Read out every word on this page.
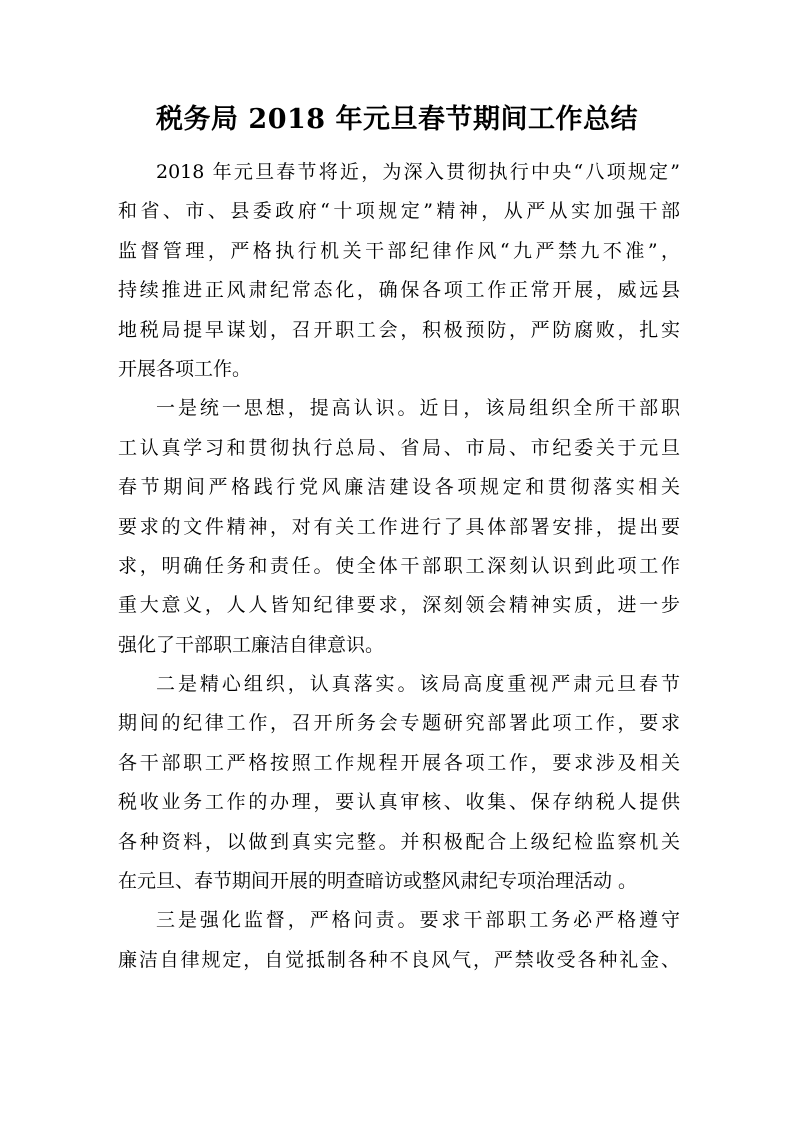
税务局 2018 年元旦春节期间工作总结
2018 年元旦春节将近，为深入贯彻执行中央“八项规定”
和省、市、县委政府“十项规定”精神，从严从实加强干部
监督管理，严格执行机关干部纪律作风“九严禁九不准”，
持续推进正风肃纪常态化，确保各项工作正常开展，威远县
地税局提早谋划，召开职工会，积极预防，严防腐败，扎实
开展各项工作。
一是统一思想，提高认识。近日，该局组织全所干部职
工认真学习和贯彻执行总局、省局、市局、市纪委关于元旦
春节期间严格践行党风廉洁建设各项规定和贯彻落实相关
要求的文件精神，对有关工作进行了具体部署安排，提出要
求，明确任务和责任。使全体干部职工深刻认识到此项工作
重大意义，人人皆知纪律要求，深刻领会精神实质，进一步
强化了干部职工廉洁自律意识。
二是精心组织，认真落实。该局高度重视严肃元旦春节
期间的纪律工作，召开所务会专题研究部署此项工作，要求
各干部职工严格按照工作规程开展各项工作，要求涉及相关
税收业务工作的办理，要认真审核、收集、保存纳税人提供
各种资料，以做到真实完整。并积极配合上级纪检监察机关
在元旦、春节期间开展的明查暗访或整风肃纪专项治理活动 。
三是强化监督，严格问责。要求干部职工务必严格遵守
廉洁自律规定，自觉抵制各种不良风气，严禁收受各种礼金、
